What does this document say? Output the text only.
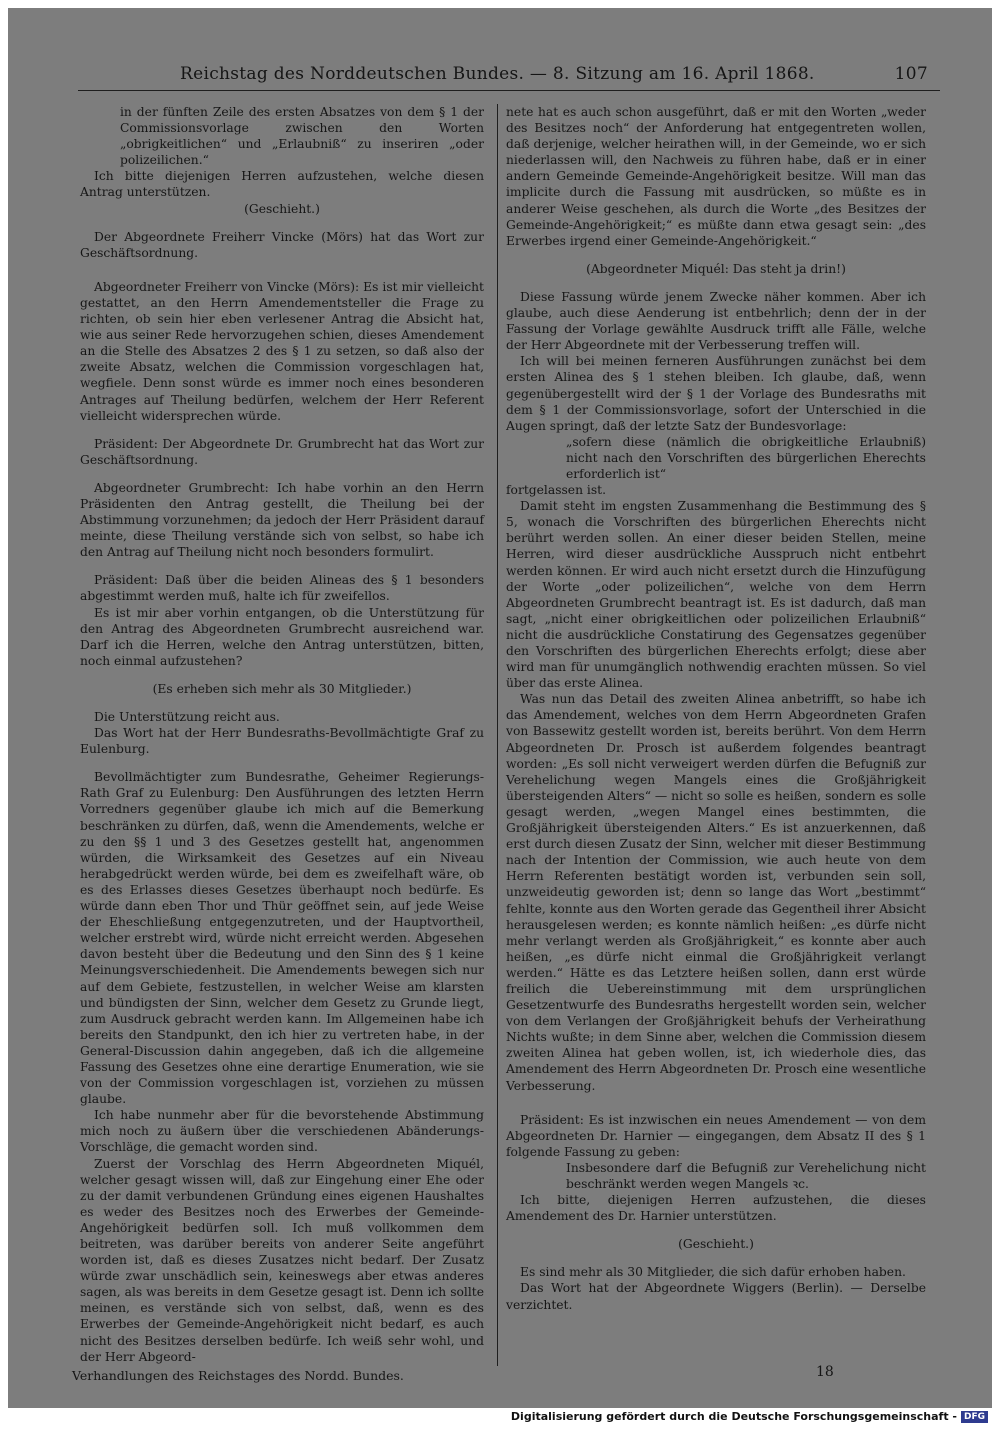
Reichstag des Norddeutschen Bundes. — 8. Sitzung am 16. April 1868.	107

in der fünften Zeile des ersten Absatzes von dem § 1 der Commissionsvorlage zwischen den Worten „obrigkeitlichen“ und „Erlaubniß“ zu inseriren „oder polizeilichen.“

Ich bitte diejenigen Herren aufzustehen, welche diesen Antrag unterstützen.

(Geschieht.)

Der Abgeordnete Freiherr Vincke (Mörs) hat das Wort zur Geschäftsordnung.

Abgeordneter Freiherr von Vincke (Mörs): Es ist mir vielleicht gestattet, an den Herrn Amendementsteller die Frage zu richten, ob sein hier eben verlesener Antrag die Absicht hat, wie aus seiner Rede hervorzugehen schien, dieses Amendement an die Stelle des Absatzes 2 des § 1 zu setzen, so daß also der zweite Absatz, welchen die Commission vorgeschlagen hat, wegfiele. Denn sonst würde es immer noch eines besonderen Antrages auf Theilung bedürfen, welchem der Herr Referent vielleicht widersprechen würde.

Präsident: Der Abgeordnete Dr. Grumbrecht hat das Wort zur Geschäftsordnung.

Abgeordneter Grumbrecht: Ich habe vorhin an den Herrn Präsidenten den Antrag gestellt, die Theilung bei der Abstimmung vorzunehmen; da jedoch der Herr Präsident darauf meinte, diese Theilung verstände sich von selbst, so habe ich den Antrag auf Theilung nicht noch besonders formulirt.

Präsident: Daß über die beiden Alineas des § 1 besonders abgestimmt werden muß, halte ich für zweifellos.

Es ist mir aber vorhin entgangen, ob die Unterstützung für den Antrag des Abgeordneten Grumbrecht ausreichend war. Darf ich die Herren, welche den Antrag unterstützen, bitten, noch einmal aufzustehen?

(Es erheben sich mehr als 30 Mitglieder.)

Die Unterstützung reicht aus.

Das Wort hat der Herr Bundesraths-Bevollmächtigte Graf zu Eulenburg.

Bevollmächtigter zum Bundesrathe, Geheimer Regierungs-Rath Graf zu Eulenburg: Den Ausführungen des letzten Herrn Vorredners gegenüber glaube ich mich auf die Bemerkung beschränken zu dürfen, daß, wenn die Amendements, welche er zu den §§ 1 und 3 des Gesetzes gestellt hat, angenommen würden, die Wirksamkeit des Gesetzes auf ein Niveau herabgedrückt werden würde, bei dem es zweifelhaft wäre, ob es des Erlasses dieses Gesetzes überhaupt noch bedürfe. Es würde dann eben Thor und Thür geöffnet sein, auf jede Weise der Eheschließung entgegenzutreten, und der Hauptvortheil, welcher erstrebt wird, würde nicht erreicht werden. Abgesehen davon besteht über die Bedeutung und den Sinn des § 1 keine Meinungsverschiedenheit. Die Amendements bewegen sich nur auf dem Gebiete, festzustellen, in welcher Weise am klarsten und bündigsten der Sinn, welcher dem Gesetz zu Grunde liegt, zum Ausdruck gebracht werden kann. Im Allgemeinen habe ich bereits den Standpunkt, den ich hier zu vertreten habe, in der General-Discussion dahin angegeben, daß ich die allgemeine Fassung des Gesetzes ohne eine derartige Enumeration, wie sie von der Commission vorgeschlagen ist, vorziehen zu müssen glaube.

Ich habe nunmehr aber für die bevorstehende Abstimmung mich noch zu äußern über die verschiedenen Abänderungs-Vorschläge, die gemacht worden sind.

Zuerst der Vorschlag des Herrn Abgeordneten Miquél, welcher gesagt wissen will, daß zur Eingehung einer Ehe oder zu der damit verbundenen Gründung eines eigenen Haushaltes es weder des Besitzes noch des Erwerbes der Gemeinde-Angehörigkeit bedürfen soll. Ich muß vollkommen dem beitreten, was darüber bereits von anderer Seite angeführt worden ist, daß es dieses Zusatzes nicht bedarf. Der Zusatz würde zwar unschädlich sein, keineswegs aber etwas anderes sagen, als was bereits in dem Gesetze gesagt ist. Denn ich sollte meinen, es verstände sich von selbst, daß, wenn es des Erwerbes der Gemeinde-Angehörigkeit nicht bedarf, es auch nicht des Besitzes derselben bedürfe. Ich weiß sehr wohl, und der Herr Abgeord-

nete hat es auch schon ausgeführt, daß er mit den Worten „weder des Besitzes noch“ der Anforderung hat entgegentreten wollen, daß derjenige, welcher heirathen will, in der Gemeinde, wo er sich niederlassen will, den Nachweis zu führen habe, daß er in einer andern Gemeinde Gemeinde-Angehörigkeit besitze. Will man das implicite durch die Fassung mit ausdrücken, so müßte es in anderer Weise geschehen, als durch die Worte „des Besitzes der Gemeinde-Angehörigkeit;“ es müßte dann etwa gesagt sein: „des Erwerbes irgend einer Gemeinde-Angehörigkeit.“

(Abgeordneter Miquél: Das steht ja drin!)

Diese Fassung würde jenem Zwecke näher kommen. Aber ich glaube, auch diese Aenderung ist entbehrlich; denn der in der Fassung der Vorlage gewählte Ausdruck trifft alle Fälle, welche der Herr Abgeordnete mit der Verbesserung treffen will.

Ich will bei meinen ferneren Ausführungen zunächst bei dem ersten Alinea des § 1 stehen bleiben. Ich glaube, daß, wenn gegenübergestellt wird der § 1 der Vorlage des Bundesraths mit dem § 1 der Commissionsvorlage, sofort der Unterschied in die Augen springt, daß der letzte Satz der Bundesvorlage:

„sofern diese (nämlich die obrigkeitliche Erlaubniß) nicht nach den Vorschriften des bürgerlichen Eherechts erforderlich ist“

fortgelassen ist.

Damit steht im engsten Zusammenhang die Bestimmung des § 5, wonach die Vorschriften des bürgerlichen Eherechts nicht berührt werden sollen. An einer dieser beiden Stellen, meine Herren, wird dieser ausdrückliche Ausspruch nicht entbehrt werden können. Er wird auch nicht ersetzt durch die Hinzufügung der Worte „oder polizeilichen“, welche von dem Herrn Abgeordneten Grumbrecht beantragt ist. Es ist dadurch, daß man sagt, „nicht einer obrigkeitlichen oder polizeilichen Erlaubniß“ nicht die ausdrückliche Constatirung des Gegensatzes gegenüber den Vorschriften des bürgerlichen Eherechts erfolgt; diese aber wird man für unumgänglich nothwendig erachten müssen. So viel über das erste Alinea.

Was nun das Detail des zweiten Alinea anbetrifft, so habe ich das Amendement, welches von dem Herrn Abgeordneten Grafen von Bassewitz gestellt worden ist, bereits berührt. Von dem Herrn Abgeordneten Dr. Prosch ist außerdem folgendes beantragt worden: „Es soll nicht verweigert werden dürfen die Befugniß zur Verehelichung wegen Mangels eines die Großjährigkeit übersteigenden Alters“ — nicht so solle es heißen, sondern es solle gesagt werden, „wegen Mangel eines bestimmten, die Großjährigkeit übersteigenden Alters.“ Es ist anzuerkennen, daß erst durch diesen Zusatz der Sinn, welcher mit dieser Bestimmung nach der Intention der Commission, wie auch heute von dem Herrn Referenten bestätigt worden ist, verbunden sein soll, unzweideutig geworden ist; denn so lange das Wort „bestimmt“ fehlte, konnte aus den Worten gerade das Gegentheil ihrer Absicht herausgelesen werden; es konnte nämlich heißen: „es dürfe nicht mehr verlangt werden als Großjährigkeit,“ es konnte aber auch heißen, „es dürfe nicht einmal die Großjährigkeit verlangt werden.“ Hätte es das Letztere heißen sollen, dann erst würde freilich die Uebereinstimmung mit dem ursprünglichen Gesetzentwurfe des Bundesraths hergestellt worden sein, welcher von dem Verlangen der Großjährigkeit behufs der Verheirathung Nichts wußte; in dem Sinne aber, welchen die Commission diesem zweiten Alinea hat geben wollen, ist, ich wiederhole dies, das Amendement des Herrn Abgeordneten Dr. Prosch eine wesentliche Verbesserung.

Präsident: Es ist inzwischen ein neues Amendement — von dem Abgeordneten Dr. Harnier — eingegangen, dem Absatz II des § 1 folgende Fassung zu geben:

Insbesondere darf die Befugniß zur Verehelichung nicht beschränkt werden wegen Mangels ꝛc.

Ich bitte, diejenigen Herren aufzustehen, die dieses Amendement des Dr. Harnier unterstützen.

(Geschieht.)

Es sind mehr als 30 Mitglieder, die sich dafür erhoben haben.

Das Wort hat der Abgeordnete Wiggers (Berlin). — Derselbe verzichtet.

Verhandlungen des Reichstages des Nordd. Bundes.	18
Digitalisierung gefördert durch die Deutsche Forschungsgemeinschaft - DFG
